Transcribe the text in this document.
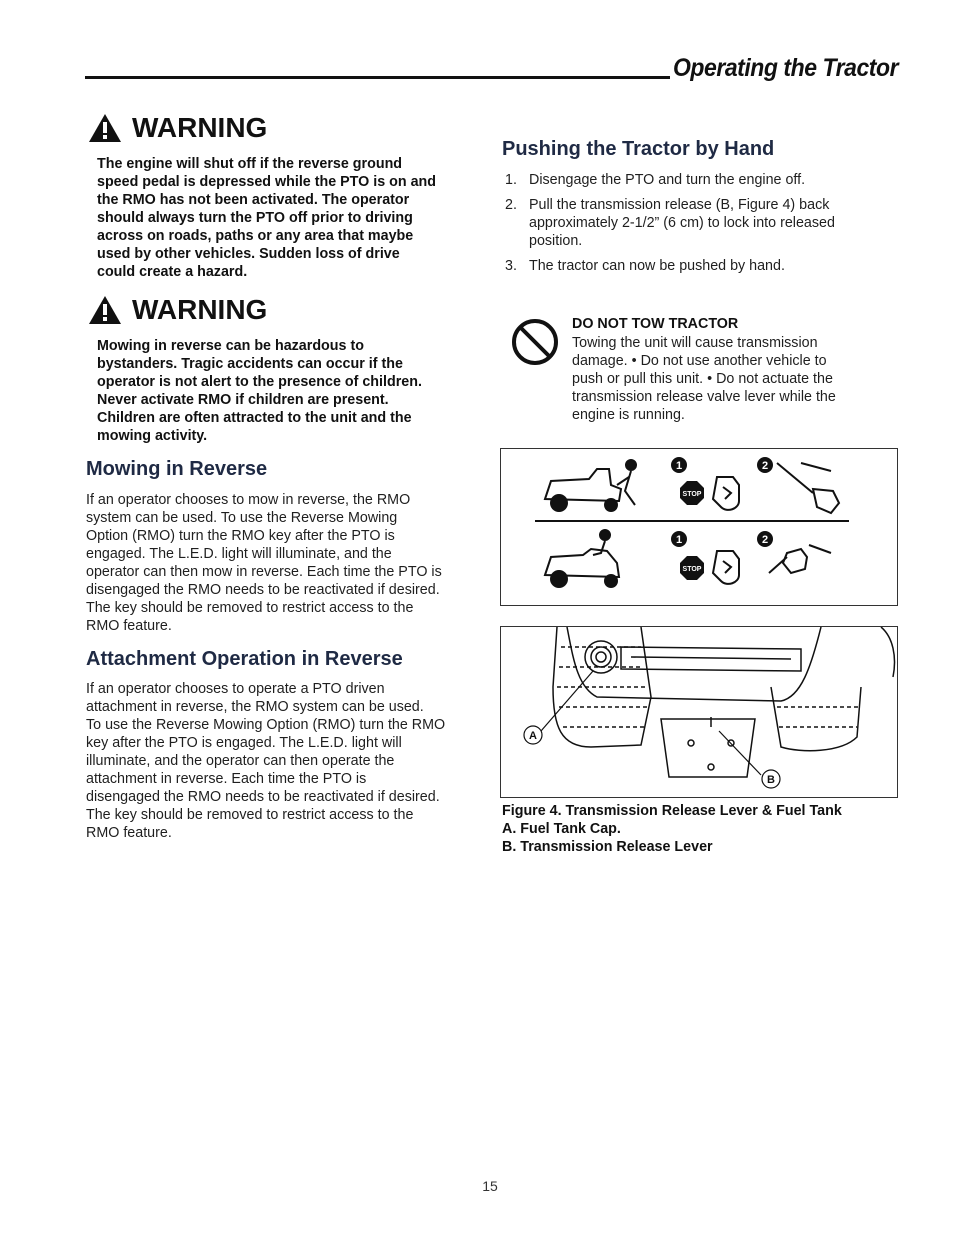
Operating the Tractor
WARNING
The engine will shut off if the reverse ground
speed pedal is depressed while the PTO is on and
the RMO has not been activated. The operator
should always turn the PTO off prior to driving
across on roads, paths or any area that maybe
used by other vehicles. Sudden loss of drive
could create a hazard.
WARNING
Mowing in reverse can be hazardous to
bystanders. Tragic accidents can occur if the
operator is not alert to the presence of children.
Never activate RMO if children are present.
Children are often attracted to the unit and the
mowing activity.
Mowing in Reverse
If an operator chooses to mow in reverse, the RMO
system can be used. To use the Reverse Mowing
Option (RMO) turn the RMO key after the PTO is
engaged. The L.E.D. light will illuminate, and the
operator can then mow in reverse. Each time the PTO is
disengaged the RMO needs to be reactivated if desired.
The key should be removed to restrict access to the
RMO feature.
Attachment Operation in Reverse
If an operator chooses to operate a PTO driven
attachment in reverse, the RMO system can be used.
To use the Reverse Mowing Option (RMO) turn the RMO
key after the PTO is engaged. The L.E.D. light will
illuminate, and the operator can then operate the
attachment in reverse. Each time the PTO is
disengaged the RMO needs to be reactivated if desired.
The key should be removed to restrict access to the
RMO feature.
Pushing the Tractor by Hand
1. Disengage the PTO and turn the engine off.
2. Pull the transmission release (B, Figure 4) back
approximately 2-1/2” (6 cm) to lock into released
position.
3. The tractor can now be pushed by hand.
DO NOT TOW TRACTOR
Towing the unit will cause transmission
damage. • Do not use another vehicle to
push or pull this unit. • Do not actuate the
transmission release valve lever while the
engine is running.
1
STOP
2
1
STOP
2
A
B
Figure 4. Transmission Release Lever & Fuel Tank
A. Fuel Tank Cap.
B. Transmission Release Lever
15
